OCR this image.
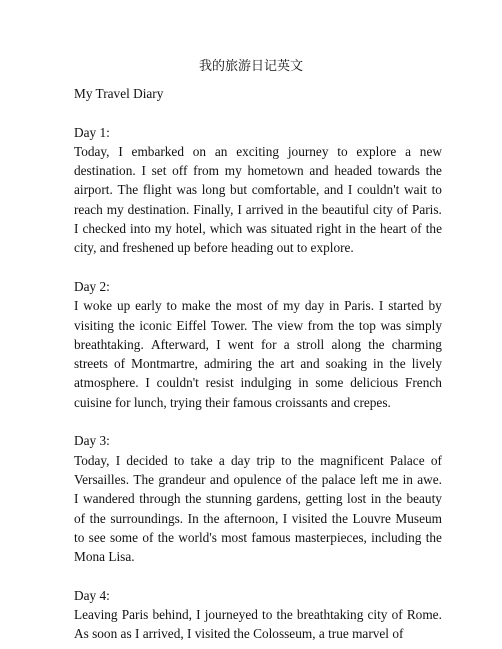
我的旅游日记英文
My Travel Diary
Day 1:
Today, I embarked on an exciting journey to explore a new
destination. I set off from my hometown and headed towards the
airport. The flight was long but comfortable, and I couldn't wait to
reach my destination. Finally, I arrived in the beautiful city of Paris.
I checked into my hotel, which was situated right in the heart of the
city, and freshened up before heading out to explore.
Day 2:
I woke up early to make the most of my day in Paris. I started by
visiting the iconic Eiffel Tower. The view from the top was simply
breathtaking. Afterward, I went for a stroll along the charming
streets of Montmartre, admiring the art and soaking in the lively
atmosphere. I couldn't resist indulging in some delicious French
cuisine for lunch, trying their famous croissants and crepes.
Day 3:
Today, I decided to take a day trip to the magnificent Palace of
Versailles. The grandeur and opulence of the palace left me in awe.
I wandered through the stunning gardens, getting lost in the beauty
of the surroundings. In the afternoon, I visited the Louvre Museum
to see some of the world's most famous masterpieces, including the
Mona Lisa.
Day 4:
Leaving Paris behind, I journeyed to the breathtaking city of Rome.
As soon as I arrived, I visited the Colosseum, a true marvel of
